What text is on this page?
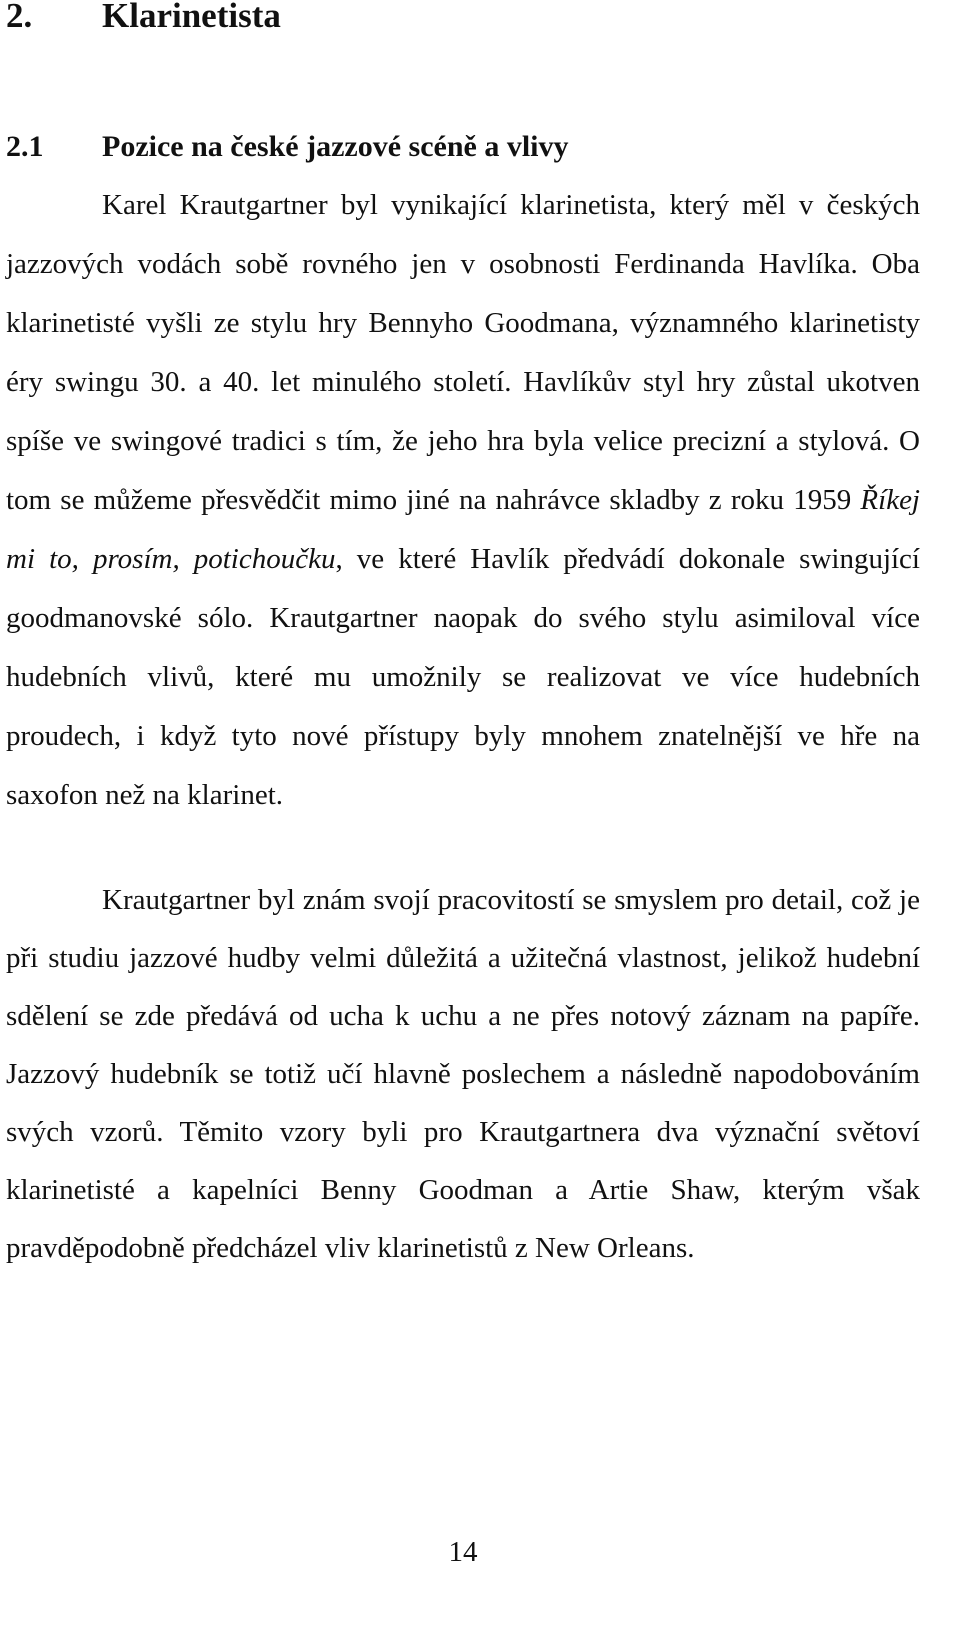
2. Klarinetista
2.1 Pozice na české jazzové scéně a vlivy

Karel Krautgartner byl vynikající klarinetista, který měl v českých jazzových vodách sobě rovného jen v osobnosti Ferdinanda Havlíka. Oba klarinetisté vyšli ze stylu hry Bennyho Goodmana, významného klarinetisty éry swingu 30. a 40. let minulého století. Havlíkův styl hry zůstal ukotven spíše ve swingové tradici s tím, že jeho hra byla velice precizní a stylová. O tom se můžeme přesvědčit mimo jiné na nahrávce skladby z roku 1959 Říkej mi to, prosím, potichoučku, ve které Havlík předvádí dokonale swingující goodmanovské sólo. Krautgartner naopak do svého stylu asimiloval více hudebních vlivů, které mu umožnily se realizovat ve více hudebních proudech, i když tyto nové přístupy byly mnohem znatelnější ve hře na saxofon než na klarinet.

Krautgartner byl znám svojí pracovitostí se smyslem pro detail, což je při studiu jazzové hudby velmi důležitá a užitečná vlastnost, jelikož hudební sdělení se zde předává od ucha k uchu a ne přes notový záznam na papíře. Jazzový hudebník se totiž učí hlavně poslechem a následně napodobováním svých vzorů. Těmito vzory byli pro Krautgartnera dva význační světoví klarinetisté a kapelníci Benny Goodman a Artie Shaw, kterým však pravděpodobně předcházel vliv klarinetistů z New Orleans.

14
